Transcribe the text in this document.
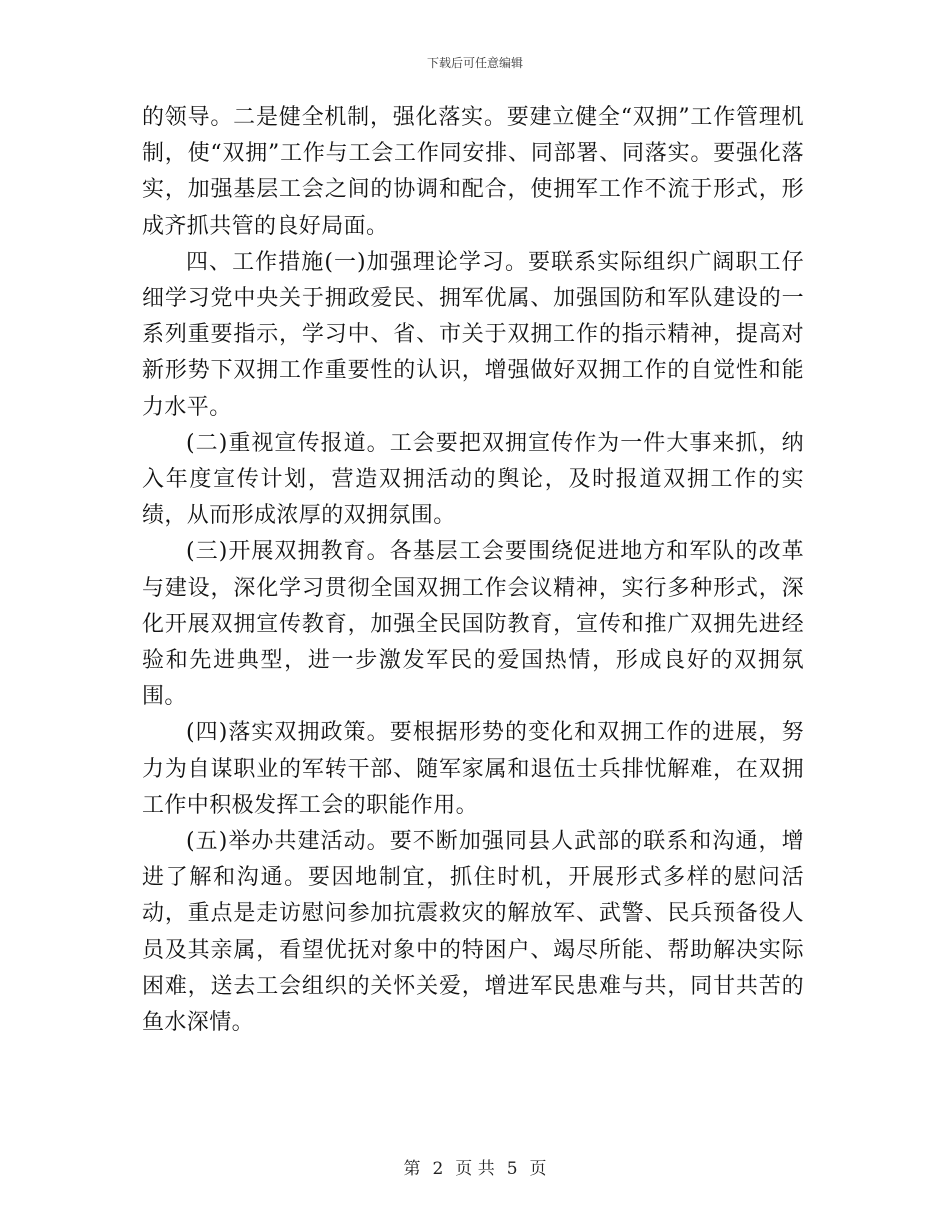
下载后可任意编辑

的领导。二是健全机制，强化落实。要建立健全“双拥”工作管理机制，使“双拥”工作与工会工作同安排、同部署、同落实。要强化落实，加强基层工会之间的协调和配合，使拥军工作不流于形式，形成齐抓共管的良好局面。

四、工作措施(一)加强理论学习。要联系实际组织广阔职工仔细学习党中央关于拥政爱民、拥军优属、加强国防和军队建设的一系列重要指示，学习中、省、市关于双拥工作的指示精神，提高对新形势下双拥工作重要性的认识，增强做好双拥工作的自觉性和能力水平。

(二)重视宣传报道。工会要把双拥宣传作为一件大事来抓，纳入年度宣传计划，营造双拥活动的舆论，及时报道双拥工作的实绩，从而形成浓厚的双拥氛围。

(三)开展双拥教育。各基层工会要围绕促进地方和军队的改革与建设，深化学习贯彻全国双拥工作会议精神，实行多种形式，深化开展双拥宣传教育，加强全民国防教育，宣传和推广双拥先进经验和先进典型，进一步激发军民的爱国热情，形成良好的双拥氛围。

(四)落实双拥政策。要根据形势的变化和双拥工作的进展，努力为自谋职业的军转干部、随军家属和退伍士兵排忧解难，在双拥工作中积极发挥工会的职能作用。

(五)举办共建活动。要不断加强同县人武部的联系和沟通，增进了解和沟通。要因地制宜，抓住时机，开展形式多样的慰问活动，重点是走访慰问参加抗震救灾的解放军、武警、民兵预备役人员及其亲属，看望优抚对象中的特困户、竭尽所能、帮助解决实际困难，送去工会组织的关怀关爱，增进军民患难与共，同甘共苦的鱼水深情。

第 2 页 共 5 页
